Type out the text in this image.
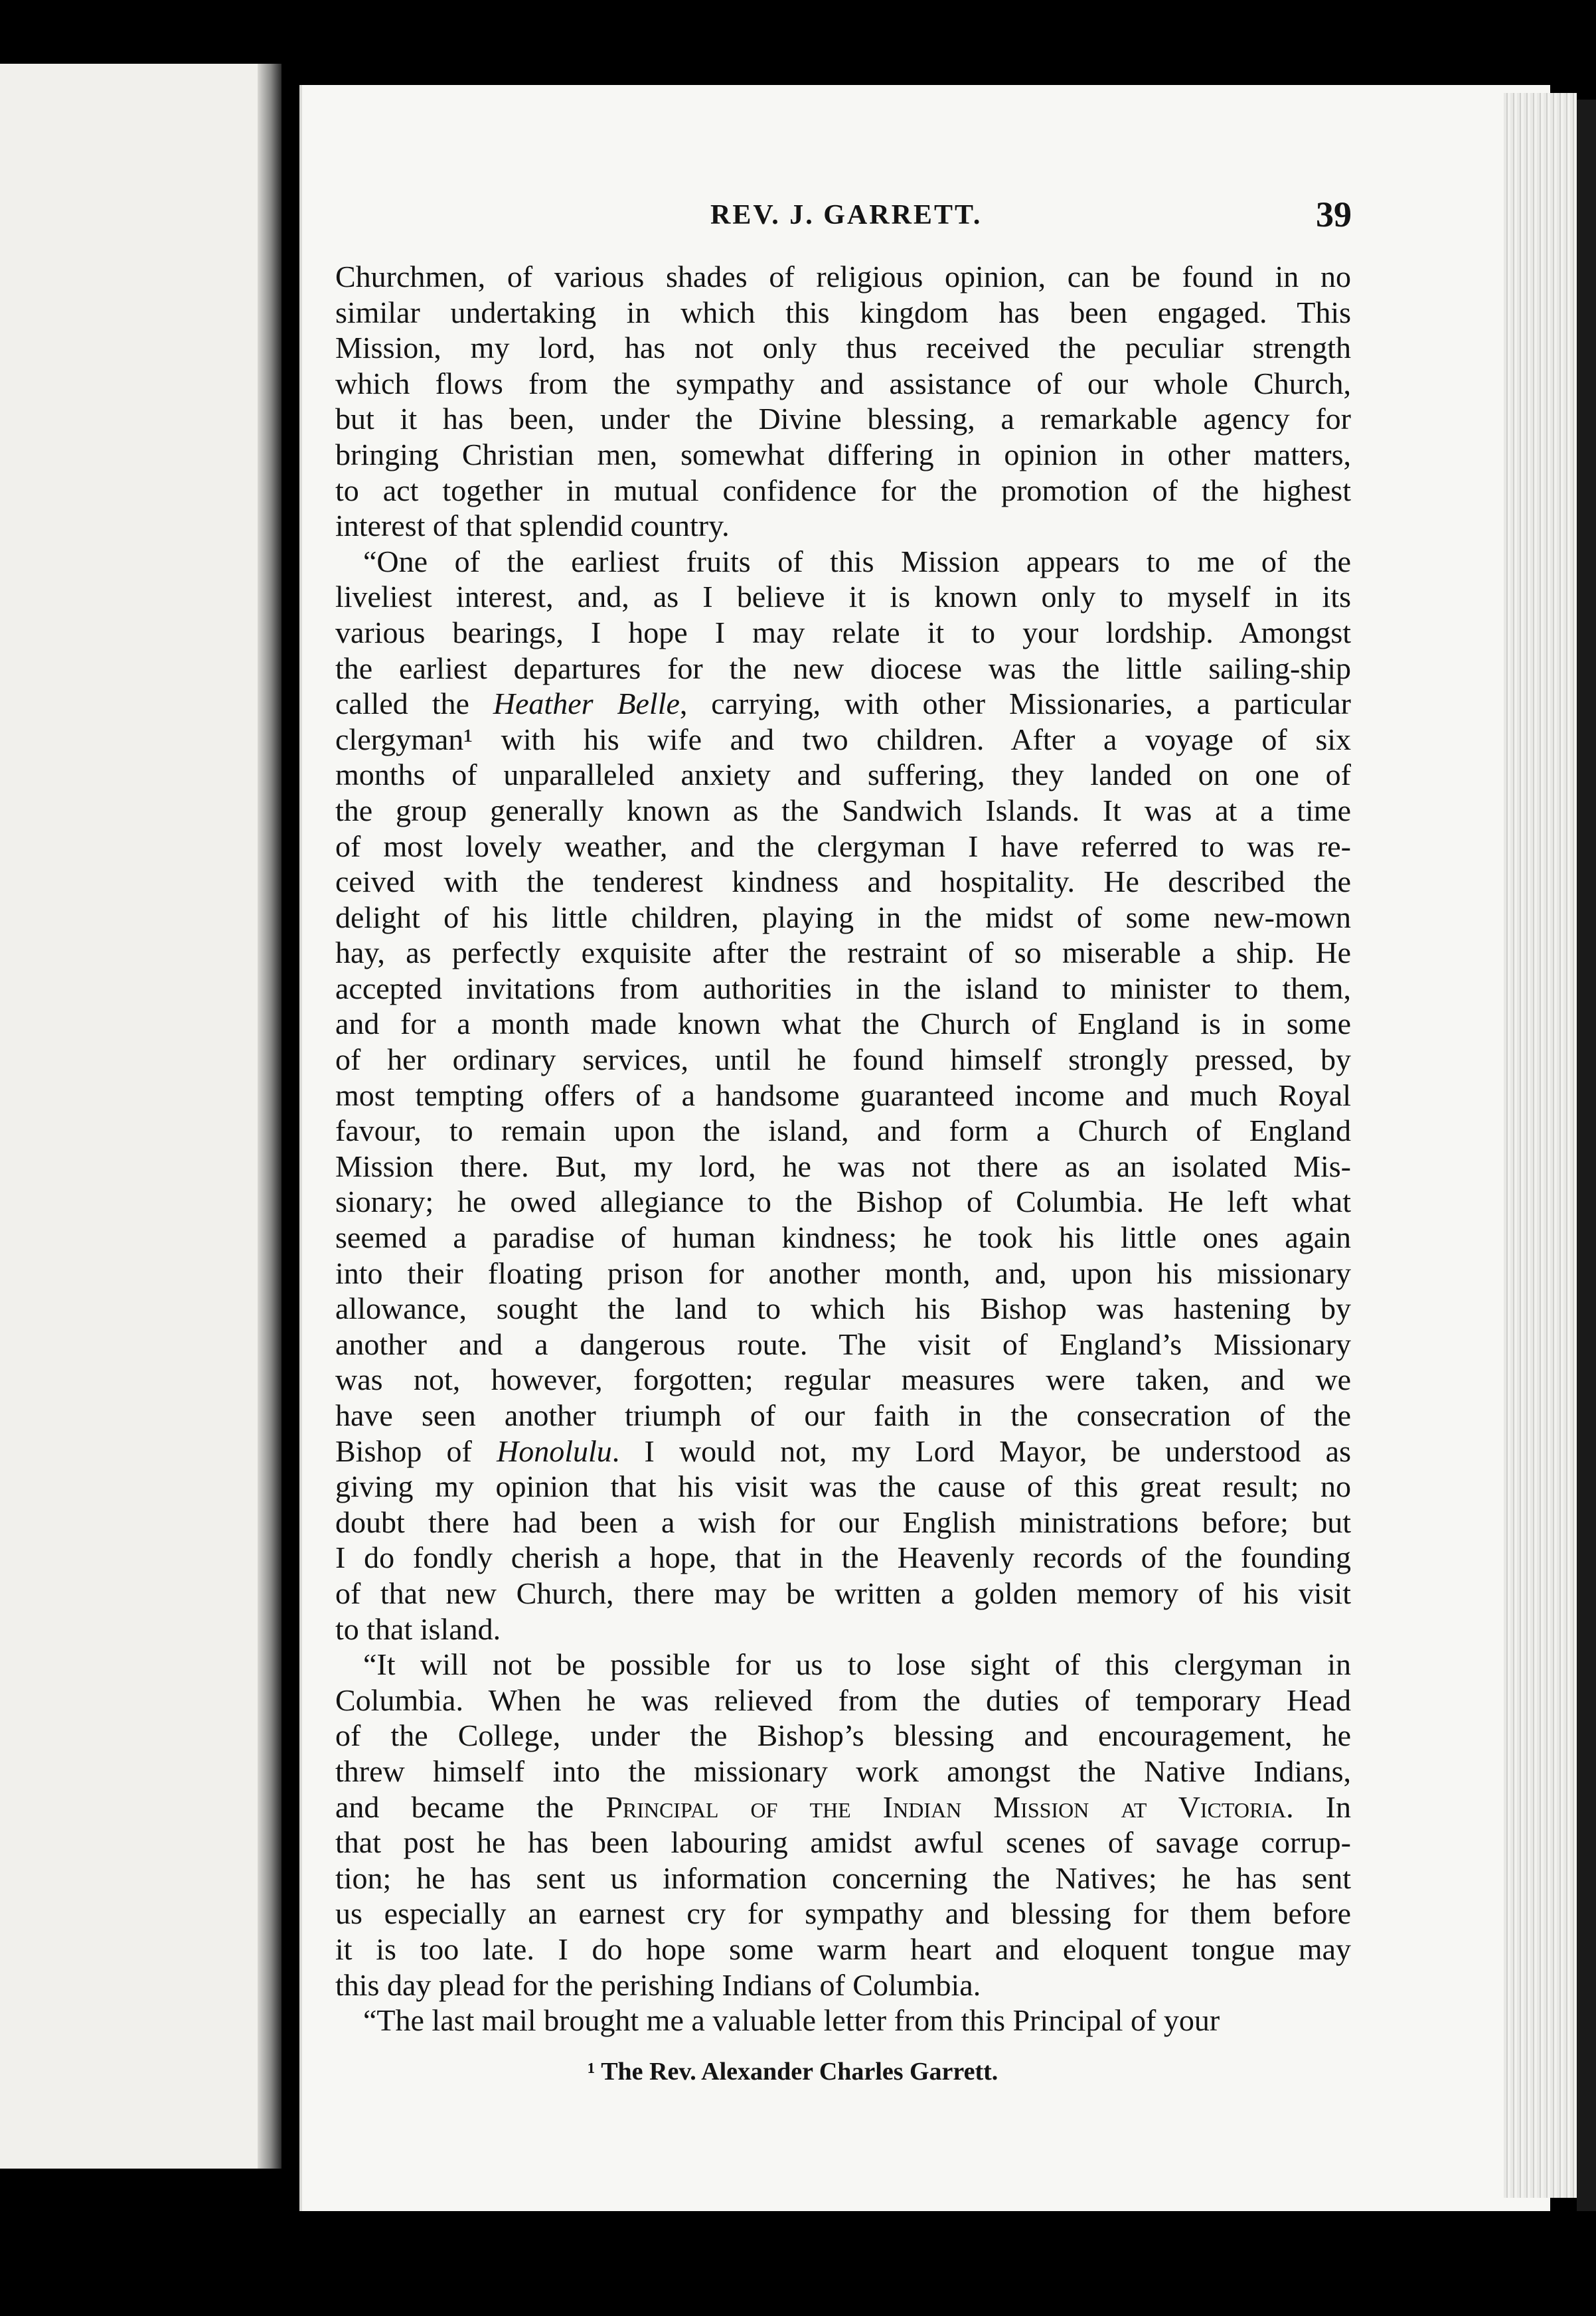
REV. J. GARRETT.	39
Churchmen, of various shades of religious opinion, can be found in no
similar undertaking in which this kingdom has been engaged. This
Mission, my lord, has not only thus received the peculiar strength
which flows from the sympathy and assistance of our whole Church,
but it has been, under the Divine blessing, a remarkable agency for
bringing Christian men, somewhat differing in opinion in other matters,
to act together in mutual confidence for the promotion of the highest
interest of that splendid country.
“One of the earliest fruits of this Mission appears to me of the
liveliest interest, and, as I believe it is known only to myself in its
various bearings, I hope I may relate it to your lordship. Amongst
the earliest departures for the new diocese was the little sailing-ship
called the Heather Belle, carrying, with other Missionaries, a particular
clergyman¹ with his wife and two children. After a voyage of six
months of unparalleled anxiety and suffering, they landed on one of
the group generally known as the Sandwich Islands. It was at a time
of most lovely weather, and the clergyman I have referred to was re-
ceived with the tenderest kindness and hospitality. He described the
delight of his little children, playing in the midst of some new-mown
hay, as perfectly exquisite after the restraint of so miserable a ship. He
accepted invitations from authorities in the island to minister to them,
and for a month made known what the Church of England is in some
of her ordinary services, until he found himself strongly pressed, by
most tempting offers of a handsome guaranteed income and much Royal
favour, to remain upon the island, and form a Church of England
Mission there. But, my lord, he was not there as an isolated Mis-
sionary; he owed allegiance to the Bishop of Columbia. He left what
seemed a paradise of human kindness; he took his little ones again
into their floating prison for another month, and, upon his missionary
allowance, sought the land to which his Bishop was hastening by
another and a dangerous route. The visit of England’s Missionary
was not, however, forgotten; regular measures were taken, and we
have seen another triumph of our faith in the consecration of the
Bishop of Honolulu. I would not, my Lord Mayor, be understood as
giving my opinion that his visit was the cause of this great result; no
doubt there had been a wish for our English ministrations before; but
I do fondly cherish a hope, that in the Heavenly records of the founding
of that new Church, there may be written a golden memory of his visit
to that island.
“It will not be possible for us to lose sight of this clergyman in
Columbia. When he was relieved from the duties of temporary Head
of the College, under the Bishop’s blessing and encouragement, he
threw himself into the missionary work amongst the Native Indians,
and became the Principal of the Indian Mission at Victoria. In
that post he has been labouring amidst awful scenes of savage corrup-
tion; he has sent us information concerning the Natives; he has sent
us especially an earnest cry for sympathy and blessing for them before
it is too late. I do hope some warm heart and eloquent tongue may
this day plead for the perishing Indians of Columbia.
“The last mail brought me a valuable letter from this Principal of your
¹ The Rev. Alexander Charles Garrett.
